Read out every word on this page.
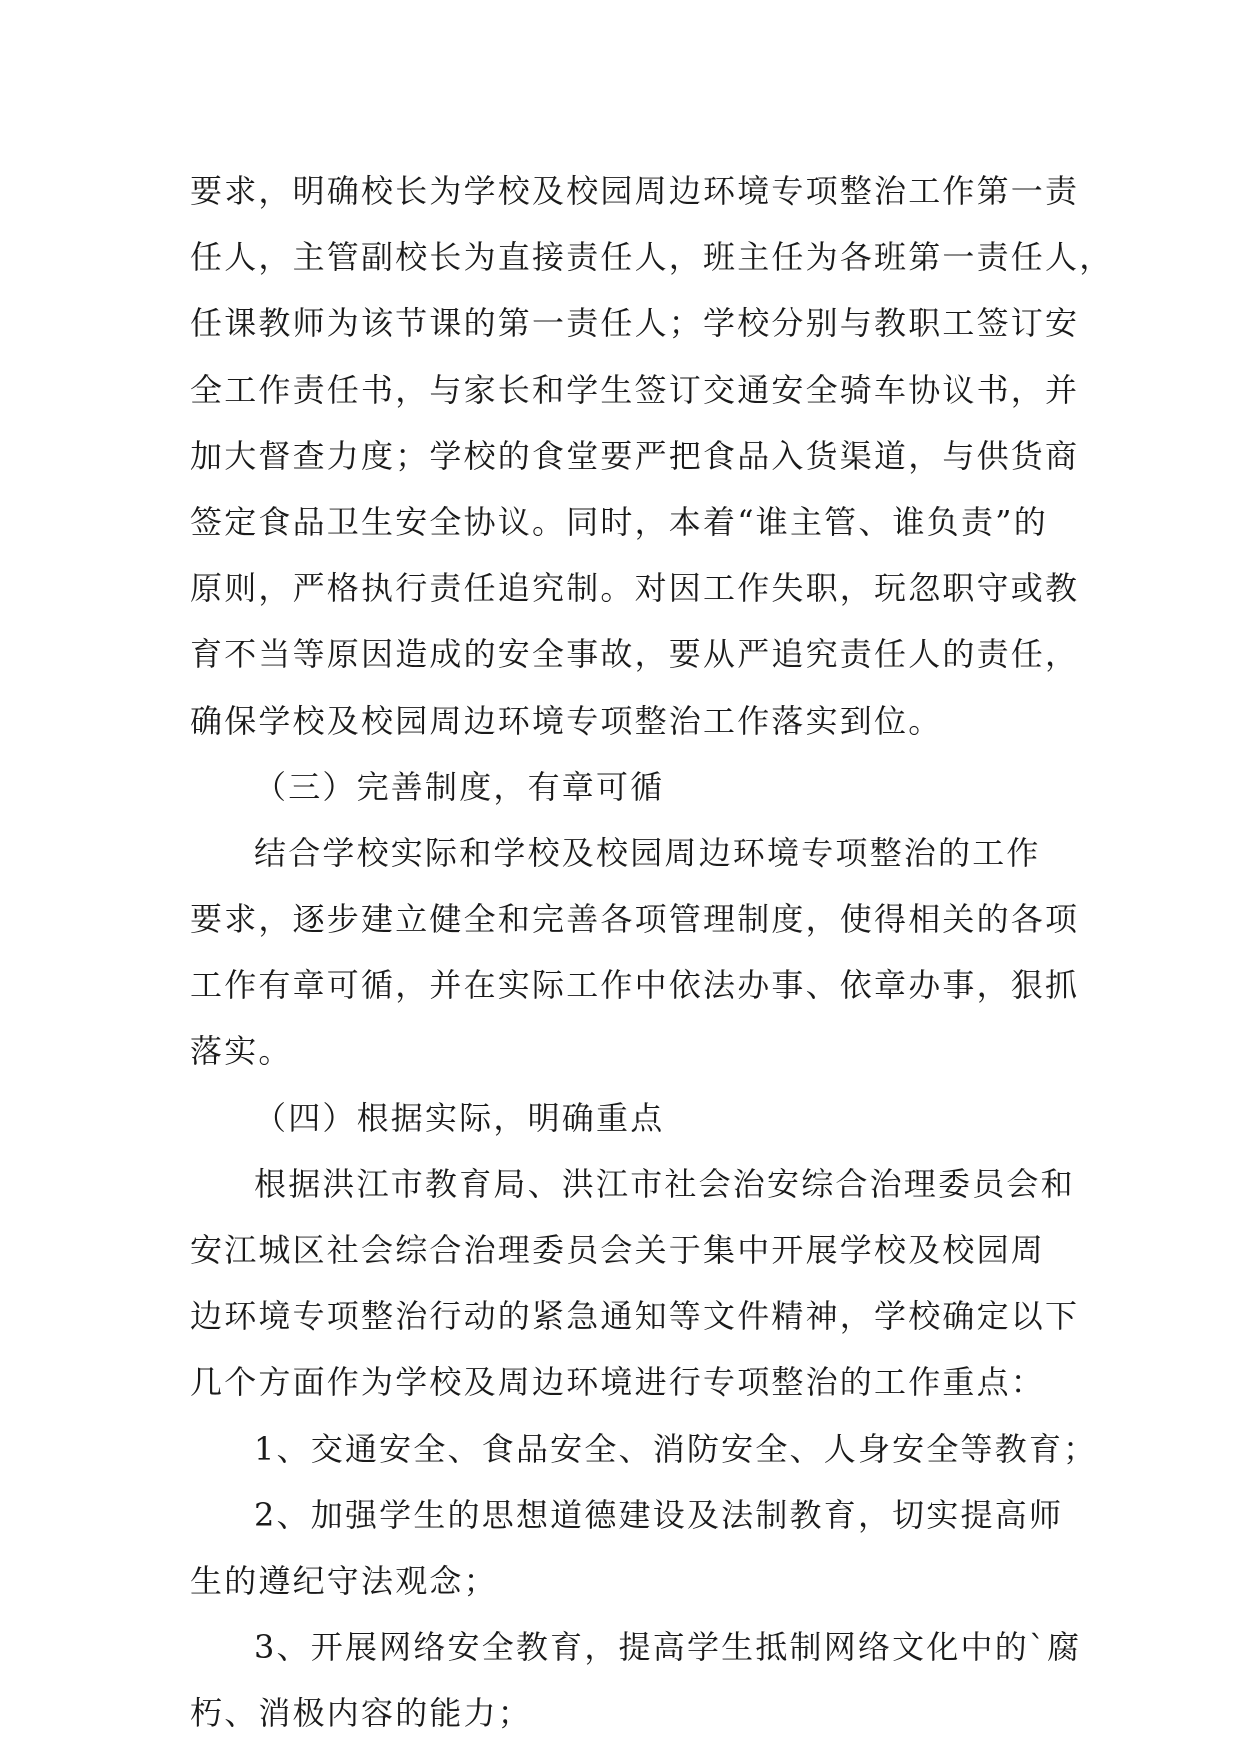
要求，明确校长为学校及校园周边环境专项整治工作第一责
任人，主管副校长为直接责任人，班主任为各班第一责任人，
任课教师为该节课的第一责任人；学校分别与教职工签订安
全工作责任书，与家长和学生签订交通安全骑车协议书，并
加大督查力度；学校的食堂要严把食品入货渠道，与供货商
签定食品卫生安全协议。同时，本着“谁主管、谁负责”的
原则，严格执行责任追究制。对因工作失职，玩忽职守或教
育不当等原因造成的安全事故，要从严追究责任人的责任，
确保学校及校园周边环境专项整治工作落实到位。
（三）完善制度，有章可循
结合学校实际和学校及校园周边环境专项整治的工作
要求，逐步建立健全和完善各项管理制度，使得相关的各项
工作有章可循，并在实际工作中依法办事、依章办事，狠抓
落实。
（四）根据实际，明确重点
根据洪江市教育局、洪江市社会治安综合治理委员会和
安江城区社会综合治理委员会关于集中开展学校及校园周
边环境专项整治行动的紧急通知等文件精神，学校确定以下
几个方面作为学校及周边环境进行专项整治的工作重点：
1、交通安全、食品安全、消防安全、人身安全等教育；
2、加强学生的思想道德建设及法制教育，切实提高师
生的遵纪守法观念；
3、开展网络安全教育，提高学生抵制网络文化中的`腐
朽、消极内容的能力；
